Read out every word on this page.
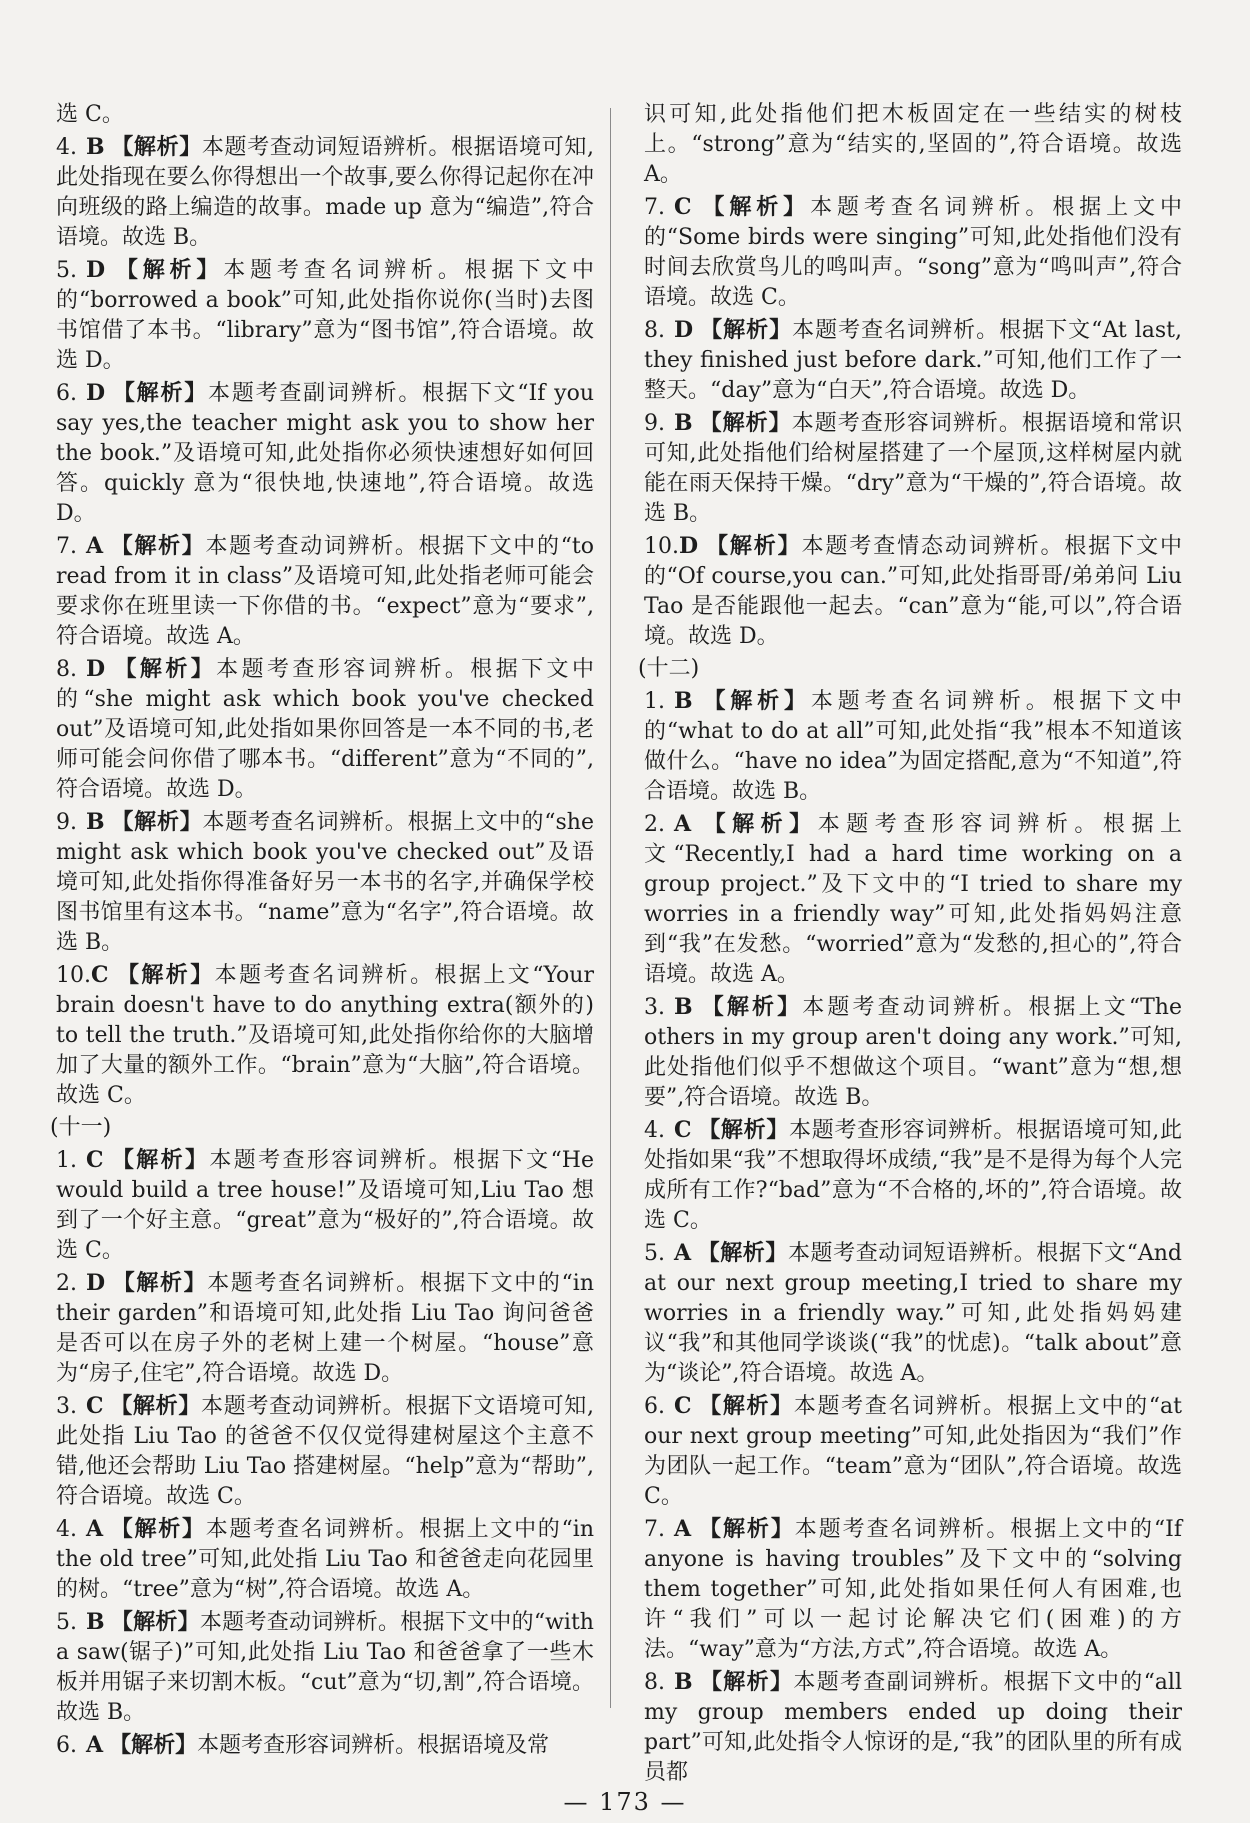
选 C。
4. B 【解析】本题考查动词短语辨析。根据语境可知,此处指现在要么你得想出一个故事,要么你得记起你在冲向班级的路上编造的故事。made up 意为“编造”,符合语境。故选 B。
5. D 【解析】本题考查名词辨析。根据下文中的“borrowed a book”可知,此处指你说你(当时)去图书馆借了本书。“library”意为“图书馆”,符合语境。故选 D。
6. D 【解析】本题考查副词辨析。根据下文“If you say yes,the teacher might ask you to show her the book.”及语境可知,此处指你必须快速想好如何回答。quickly 意为“很快地,快速地”,符合语境。故选 D。
7. A 【解析】本题考查动词辨析。根据下文中的“to read from it in class”及语境可知,此处指老师可能会要求你在班里读一下你借的书。“expect”意为“要求”,符合语境。故选 A。
8. D 【解析】本题考查形容词辨析。根据下文中的“she might ask which book you've checked out”及语境可知,此处指如果你回答是一本不同的书,老师可能会问你借了哪本书。“different”意为“不同的”,符合语境。故选 D。
9. B 【解析】本题考查名词辨析。根据上文中的“she might ask which book you've checked out”及语境可知,此处指你得准备好另一本书的名字,并确保学校图书馆里有这本书。“name”意为“名字”,符合语境。故选 B。
10.C 【解析】本题考查名词辨析。根据上文“Your brain doesn't have to do anything extra(额外的) to tell the truth.”及语境可知,此处指你给你的大脑增加了大量的额外工作。“brain”意为“大脑”,符合语境。故选 C。
(十一)
1. C 【解析】本题考查形容词辨析。根据下文“He would build a tree house!”及语境可知,Liu Tao 想到了一个好主意。“great”意为“极好的”,符合语境。故选 C。
2. D 【解析】本题考查名词辨析。根据下文中的“in their garden”和语境可知,此处指 Liu Tao 询问爸爸是否可以在房子外的老树上建一个树屋。“house”意为“房子,住宅”,符合语境。故选 D。
3. C 【解析】本题考查动词辨析。根据下文语境可知,此处指 Liu Tao 的爸爸不仅仅觉得建树屋这个主意不错,他还会帮助 Liu Tao 搭建树屋。“help”意为“帮助”,符合语境。故选 C。
4. A 【解析】本题考查名词辨析。根据上文中的“in the old tree”可知,此处指 Liu Tao 和爸爸走向花园里的树。“tree”意为“树”,符合语境。故选 A。
5. B 【解析】本题考查动词辨析。根据下文中的“with a saw(锯子)”可知,此处指 Liu Tao 和爸爸拿了一些木板并用锯子来切割木板。“cut”意为“切,割”,符合语境。故选 B。
6. A 【解析】本题考查形容词辨析。根据语境及常
识可知,此处指他们把木板固定在一些结实的树枝上。“strong”意为“结实的,坚固的”,符合语境。故选 A。
7. C 【解析】本题考查名词辨析。根据上文中的“Some birds were singing”可知,此处指他们没有时间去欣赏鸟儿的鸣叫声。“song”意为“鸣叫声”,符合语境。故选 C。
8. D 【解析】本题考查名词辨析。根据下文“At last, they finished just before dark.”可知,他们工作了一整天。“day”意为“白天”,符合语境。故选 D。
9. B 【解析】本题考查形容词辨析。根据语境和常识可知,此处指他们给树屋搭建了一个屋顶,这样树屋内就能在雨天保持干燥。“dry”意为“干燥的”,符合语境。故选 B。
10.D 【解析】本题考查情态动词辨析。根据下文中的“Of course,you can.”可知,此处指哥哥/弟弟问 Liu Tao 是否能跟他一起去。“can”意为“能,可以”,符合语境。故选 D。
(十二)
1. B 【解析】本题考查名词辨析。根据下文中的“what to do at all”可知,此处指“我”根本不知道该做什么。“have no idea”为固定搭配,意为“不知道”,符合语境。故选 B。
2. A 【解析】本题考查形容词辨析。根据上文“Recently,I had a hard time working on a group project.”及下文中的“I tried to share my worries in a friendly way”可知,此处指妈妈注意到“我”在发愁。“worried”意为“发愁的,担心的”,符合语境。故选 A。
3. B 【解析】本题考查动词辨析。根据上文“The others in my group aren't doing any work.”可知,此处指他们似乎不想做这个项目。“want”意为“想,想要”,符合语境。故选 B。
4. C 【解析】本题考查形容词辨析。根据语境可知,此处指如果“我”不想取得坏成绩,“我”是不是得为每个人完成所有工作?“bad”意为“不合格的,坏的”,符合语境。故选 C。
5. A 【解析】本题考查动词短语辨析。根据下文“And at our next group meeting,I tried to share my worries in a friendly way.”可知,此处指妈妈建议“我”和其他同学谈谈(“我”的忧虑)。“talk about”意为“谈论”,符合语境。故选 A。
6. C 【解析】本题考查名词辨析。根据上文中的“at our next group meeting”可知,此处指因为“我们”作为团队一起工作。“team”意为“团队”,符合语境。故选 C。
7. A 【解析】本题考查名词辨析。根据上文中的“If anyone is having troubles”及下文中的“solving them together”可知,此处指如果任何人有困难,也许“我们”可以一起讨论解决它们(困难)的方法。“way”意为“方法,方式”,符合语境。故选 A。
8. B 【解析】本题考查副词辨析。根据下文中的“all my group members ended up doing their part”可知,此处指令人惊讶的是,“我”的团队里的所有成员都
— 173 —
